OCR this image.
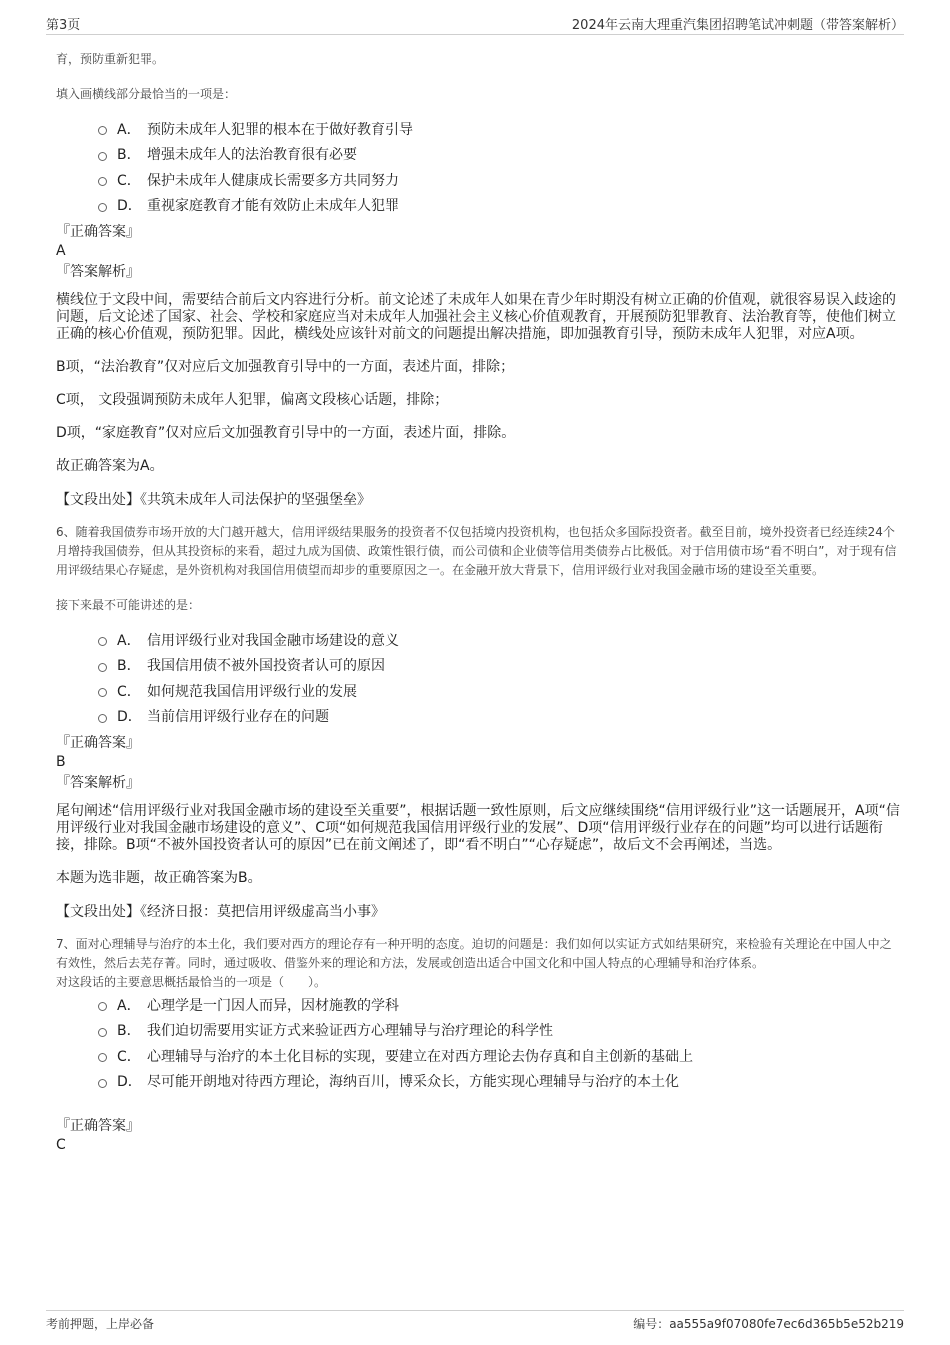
第3页	2024年云南大理重汽集团招聘笔试冲刺题（带答案解析）
育，预防重新犯罪。
填入画横线部分最恰当的一项是：
A． 预防未成年人犯罪的根本在于做好教育引导
B． 增强未成年人的法治教育很有必要
C． 保护未成年人健康成长需要多方共同努力
D． 重视家庭教育才能有效防止未成年人犯罪
『正确答案』
A
『答案解析』
横线位于文段中间，需要结合前后文内容进行分析。前文论述了未成年人如果在青少年时期没有树立正确的价值观，就很容易误入歧途的问题，后文论述了国家、社会、学校和家庭应当对未成年人加强社会主义核心价值观教育，开展预防犯罪教育、法治教育等，使他们树立正确的核心价值观，预防犯罪。因此，横线处应该针对前文的问题提出解决措施，即加强教育引导，预防未成年人犯罪，对应A项。
B项，“法治教育”仅对应后文加强教育引导中的一方面，表述片面，排除；
C项， 文段强调预防未成年人犯罪，偏离文段核心话题，排除；
D项，“家庭教育”仅对应后文加强教育引导中的一方面，表述片面，排除。
故正确答案为A。
【文段出处】《共筑未成年人司法保护的坚强堡垒》
6、随着我国债券市场开放的大门越开越大，信用评级结果服务的投资者不仅包括境内投资机构，也包括众多国际投资者。截至目前，境外投资者已经连续24个月增持我国债券，但从其投资标的来看，超过九成为国债、政策性银行债，而公司债和企业债等信用类债券占比极低。对于信用债市场“看不明白”，对于现有信用评级结果心存疑虑，是外资机构对我国信用债望而却步的重要原因之一。在金融开放大背景下，信用评级行业对我国金融市场的建设至关重要。
接下来最不可能讲述的是：
A． 信用评级行业对我国金融市场建设的意义
B． 我国信用债不被外国投资者认可的原因
C． 如何规范我国信用评级行业的发展
D． 当前信用评级行业存在的问题
『正确答案』
B
『答案解析』
尾句阐述“信用评级行业对我国金融市场的建设至关重要”，根据话题一致性原则，后文应继续围绕“信用评级行业”这一话题展开，A项“信用评级行业对我国金融市场建设的意义”、C项“如何规范我国信用评级行业的发展”、D项“信用评级行业存在的问题”均可以进行话题衔接，排除。B项“不被外国投资者认可的原因”已在前文阐述了，即“看不明白”“心存疑虑”，故后文不会再阐述，当选。
本题为选非题，故正确答案为B。
【文段出处】《经济日报：莫把信用评级虚高当小事》
7、面对心理辅导与治疗的本土化，我们要对西方的理论存有一种开明的态度。迫切的问题是：我们如何以实证方式如结果研究，来检验有关理论在中国人中之有效性，然后去芜存菁。同时，通过吸收、借鉴外来的理论和方法，发展或创造出适合中国文化和中国人特点的心理辅导和治疗体系。
对这段话的主要意思概括最恰当的一项是（　　）。
A． 心理学是一门因人而异，因材施教的学科
B． 我们迫切需要用实证方式来验证西方心理辅导与治疗理论的科学性
C． 心理辅导与治疗的本土化目标的实现，要建立在对西方理论去伪存真和自主创新的基础上
D． 尽可能开朗地对待西方理论，海纳百川，博采众长，方能实现心理辅导与治疗的本土化
『正确答案』
C
考前押题，上岸必备	编号：aa555a9f07080fe7ec6d365b5e52b219
